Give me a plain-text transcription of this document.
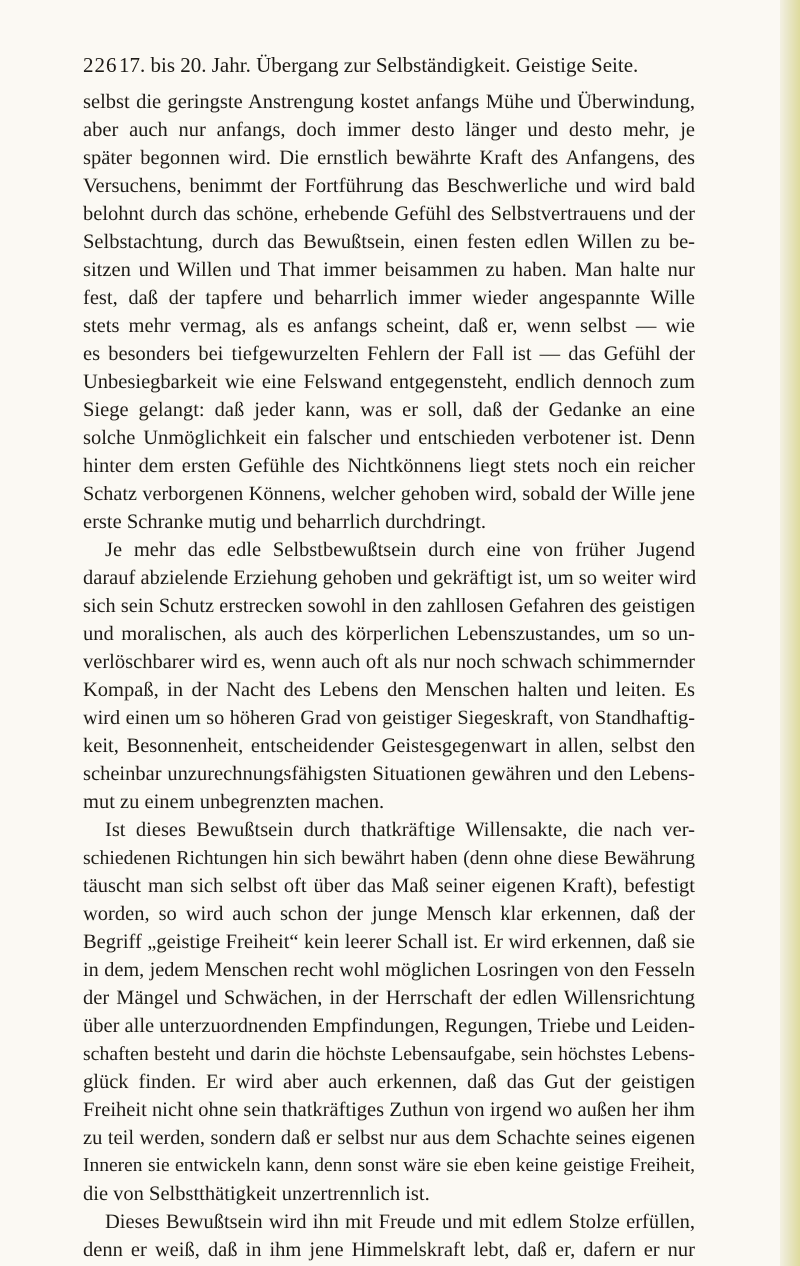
226 17. bis 20. Jahr. Übergang zur Selbständigkeit. Geistige Seite.
selbst die geringste Anstrengung kostet anfangs Mühe und Überwindung,
aber auch nur anfangs, doch immer desto länger und desto mehr, je
später begonnen wird. Die ernstlich bewährte Kraft des Anfangens, des
Versuchens, benimmt der Fortführung das Beschwerliche und wird bald
belohnt durch das schöne, erhebende Gefühl des Selbstvertrauens und der
Selbstachtung, durch das Bewußtsein, einen festen edlen Willen zu be-
sitzen und Willen und That immer beisammen zu haben. Man halte nur
fest, daß der tapfere und beharrlich immer wieder angespannte Wille
stets mehr vermag, als es anfangs scheint, daß er, wenn selbst — wie
es besonders bei tiefgewurzelten Fehlern der Fall ist — das Gefühl der
Unbesiegbarkeit wie eine Felswand entgegensteht, endlich dennoch zum
Siege gelangt: daß jeder kann, was er soll, daß der Gedanke an eine
solche Unmöglichkeit ein falscher und entschieden verbotener ist. Denn
hinter dem ersten Gefühle des Nichtkönnens liegt stets noch ein reicher
Schatz verborgenen Könnens, welcher gehoben wird, sobald der Wille jene
erste Schranke mutig und beharrlich durchdringt.
Je mehr das edle Selbstbewußtsein durch eine von früher Jugend
darauf abzielende Erziehung gehoben und gekräftigt ist, um so weiter wird
sich sein Schutz erstrecken sowohl in den zahllosen Gefahren des geistigen
und moralischen, als auch des körperlichen Lebenszustandes, um so un-
verlöschbarer wird es, wenn auch oft als nur noch schwach schimmernder
Kompaß, in der Nacht des Lebens den Menschen halten und leiten. Es
wird einen um so höheren Grad von geistiger Siegeskraft, von Standhaftig-
keit, Besonnenheit, entscheidender Geistesgegenwart in allen, selbst den
scheinbar unzurechnungsfähigsten Situationen gewähren und den Lebens-
mut zu einem unbegrenzten machen.
Ist dieses Bewußtsein durch thatkräftige Willensakte, die nach ver-
schiedenen Richtungen hin sich bewährt haben (denn ohne diese Bewährung
täuscht man sich selbst oft über das Maß seiner eigenen Kraft), befestigt
worden, so wird auch schon der junge Mensch klar erkennen, daß der
Begriff „geistige Freiheit“ kein leerer Schall ist. Er wird erkennen, daß sie
in dem, jedem Menschen recht wohl möglichen Losringen von den Fesseln
der Mängel und Schwächen, in der Herrschaft der edlen Willensrichtung
über alle unterzuordnenden Empfindungen, Regungen, Triebe und Leiden-
schaften besteht und darin die höchste Lebensaufgabe, sein höchstes Lebens-
glück finden. Er wird aber auch erkennen, daß das Gut der geistigen
Freiheit nicht ohne sein thatkräftiges Zuthun von irgend wo außen her ihm
zu teil werden, sondern daß er selbst nur aus dem Schachte seines eigenen
Inneren sie entwickeln kann, denn sonst wäre sie eben keine geistige Freiheit,
die von Selbstthätigkeit unzertrennlich ist.
Dieses Bewußtsein wird ihn mit Freude und mit edlem Stolze erfüllen,
denn er weiß, daß in ihm jene Himmelskraft lebt, daß er, dafern er nur
